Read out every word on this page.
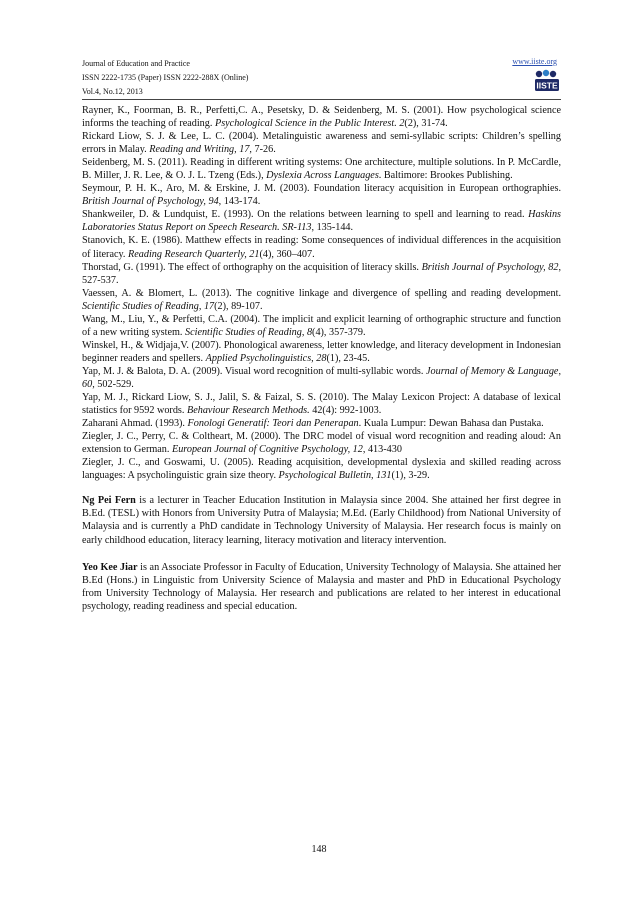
Journal of Education and Practice
ISSN 2222-1735 (Paper) ISSN 2222-288X (Online)
Vol.4, No.12, 2013
www.iiste.org
IISTE

Rayner, K., Foorman, B. R., Perfetti,C. A., Pesetsky, D. & Seidenberg, M. S. (2001). How psychological science informs the teaching of reading. Psychological Science in the Public Interest. 2(2), 31-74.

Rickard Liow, S. J. & Lee, L. C. (2004). Metalinguistic awareness and semi-syllabic scripts: Children’s spelling errors in Malay. Reading and Writing, 17, 7-26.

Seidenberg, M. S. (2011). Reading in different writing systems: One architecture, multiple solutions. In P. McCardle, B. Miller, J. R. Lee, & O. J. L. Tzeng (Eds.), Dyslexia Across Languages. Baltimore: Brookes Publishing.

Seymour, P. H. K., Aro, M. & Erskine, J. M. (2003). Foundation literacy acquisition in European orthographies. British Journal of Psychology, 94, 143-174.

Shankweiler, D. & Lundquist, E. (1993). On the relations between learning to spell and learning to read. Haskins Laboratories Status Report on Speech Research. SR-113, 135-144.

Stanovich, K. E. (1986). Matthew effects in reading: Some consequences of individual differences in the acquisition of literacy. Reading Research Quarterly, 21(4), 360–407.

Thorstad, G. (1991). The effect of orthography on the acquisition of literacy skills. British Journal of Psychology, 82, 527-537.

Vaessen, A. & Blomert, L. (2013). The cognitive linkage and divergence of spelling and reading development. Scientific Studies of Reading, 17(2), 89-107.

Wang, M., Liu, Y., & Perfetti, C.A. (2004). The implicit and explicit learning of orthographic structure and function of a new writing system. Scientific Studies of Reading, 8(4), 357-379.

Winskel, H., & Widjaja,V. (2007). Phonological awareness, letter knowledge, and literacy development in Indonesian beginner readers and spellers. Applied Psycholinguistics, 28(1), 23-45.

Yap, M. J. & Balota, D. A. (2009). Visual word recognition of multi-syllabic words. Journal of Memory & Language, 60, 502-529.

Yap, M. J., Rickard Liow, S. J., Jalil, S. & Faizal, S. S. (2010). The Malay Lexicon Project: A database of lexical statistics for 9592 words. Behaviour Research Methods. 42(4): 992-1003.

Zaharani Ahmad. (1993). Fonologi Generatif: Teori dan Penerapan. Kuala Lumpur: Dewan Bahasa dan Pustaka.

Ziegler, J. C., Perry, C. & Coltheart, M. (2000). The DRC model of visual word recognition and reading aloud: An extension to German. European Journal of Cognitive Psychology, 12, 413-430

Ziegler, J. C., and Goswami, U. (2005). Reading acquisition, developmental dyslexia and skilled reading across languages: A psycholinguistic grain size theory. Psychological Bulletin, 131(1), 3-29.

Ng Pei Fern is a lecturer in Teacher Education Institution in Malaysia since 2004. She attained her first degree in B.Ed. (TESL) with Honors from University Putra of Malaysia; M.Ed. (Early Childhood) from National University of Malaysia and is currently a PhD candidate in Technology University of Malaysia. Her research focus is mainly on early childhood education, literacy learning, literacy motivation and literacy intervention.

Yeo Kee Jiar is an Associate Professor in Faculty of Education, University Technology of Malaysia. She attained her B.Ed (Hons.) in Linguistic from University Science of Malaysia and master and PhD in Educational Psychology from University Technology of Malaysia. Her research and publications are related to her interest in educational psychology, reading readiness and special education.

148
